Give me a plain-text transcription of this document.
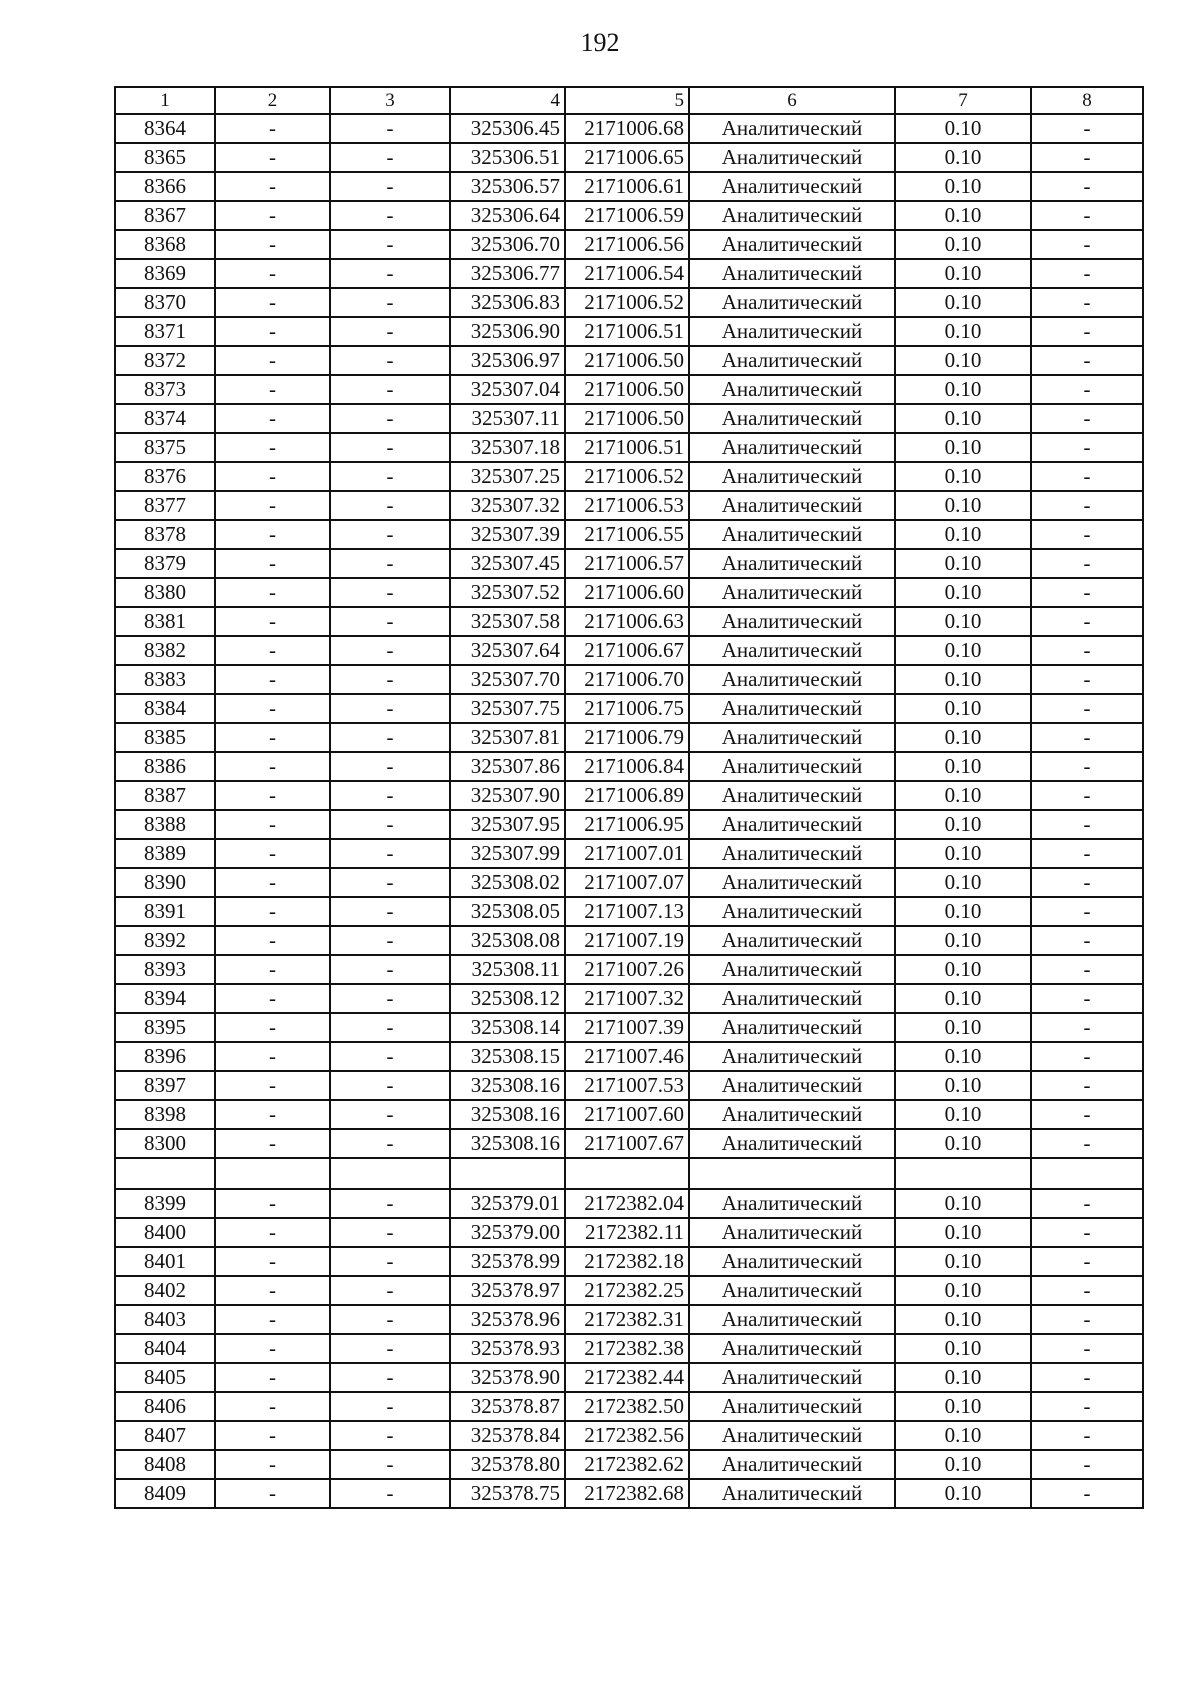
192
1	2	3	4	5	6	7	8
8364	-	-	325306.45	2171006.68	Аналитический	0.10	-
8365	-	-	325306.51	2171006.65	Аналитический	0.10	-
8366	-	-	325306.57	2171006.61	Аналитический	0.10	-
8367	-	-	325306.64	2171006.59	Аналитический	0.10	-
8368	-	-	325306.70	2171006.56	Аналитический	0.10	-
8369	-	-	325306.77	2171006.54	Аналитический	0.10	-
8370	-	-	325306.83	2171006.52	Аналитический	0.10	-
8371	-	-	325306.90	2171006.51	Аналитический	0.10	-
8372	-	-	325306.97	2171006.50	Аналитический	0.10	-
8373	-	-	325307.04	2171006.50	Аналитический	0.10	-
8374	-	-	325307.11	2171006.50	Аналитический	0.10	-
8375	-	-	325307.18	2171006.51	Аналитический	0.10	-
8376	-	-	325307.25	2171006.52	Аналитический	0.10	-
8377	-	-	325307.32	2171006.53	Аналитический	0.10	-
8378	-	-	325307.39	2171006.55	Аналитический	0.10	-
8379	-	-	325307.45	2171006.57	Аналитический	0.10	-
8380	-	-	325307.52	2171006.60	Аналитический	0.10	-
8381	-	-	325307.58	2171006.63	Аналитический	0.10	-
8382	-	-	325307.64	2171006.67	Аналитический	0.10	-
8383	-	-	325307.70	2171006.70	Аналитический	0.10	-
8384	-	-	325307.75	2171006.75	Аналитический	0.10	-
8385	-	-	325307.81	2171006.79	Аналитический	0.10	-
8386	-	-	325307.86	2171006.84	Аналитический	0.10	-
8387	-	-	325307.90	2171006.89	Аналитический	0.10	-
8388	-	-	325307.95	2171006.95	Аналитический	0.10	-
8389	-	-	325307.99	2171007.01	Аналитический	0.10	-
8390	-	-	325308.02	2171007.07	Аналитический	0.10	-
8391	-	-	325308.05	2171007.13	Аналитический	0.10	-
8392	-	-	325308.08	2171007.19	Аналитический	0.10	-
8393	-	-	325308.11	2171007.26	Аналитический	0.10	-
8394	-	-	325308.12	2171007.32	Аналитический	0.10	-
8395	-	-	325308.14	2171007.39	Аналитический	0.10	-
8396	-	-	325308.15	2171007.46	Аналитический	0.10	-
8397	-	-	325308.16	2171007.53	Аналитический	0.10	-
8398	-	-	325308.16	2171007.60	Аналитический	0.10	-
8300	-	-	325308.16	2171007.67	Аналитический	0.10	-

8399	-	-	325379.01	2172382.04	Аналитический	0.10	-
8400	-	-	325379.00	2172382.11	Аналитический	0.10	-
8401	-	-	325378.99	2172382.18	Аналитический	0.10	-
8402	-	-	325378.97	2172382.25	Аналитический	0.10	-
8403	-	-	325378.96	2172382.31	Аналитический	0.10	-
8404	-	-	325378.93	2172382.38	Аналитический	0.10	-
8405	-	-	325378.90	2172382.44	Аналитический	0.10	-
8406	-	-	325378.87	2172382.50	Аналитический	0.10	-
8407	-	-	325378.84	2172382.56	Аналитический	0.10	-
8408	-	-	325378.80	2172382.62	Аналитический	0.10	-
8409	-	-	325378.75	2172382.68	Аналитический	0.10	-
